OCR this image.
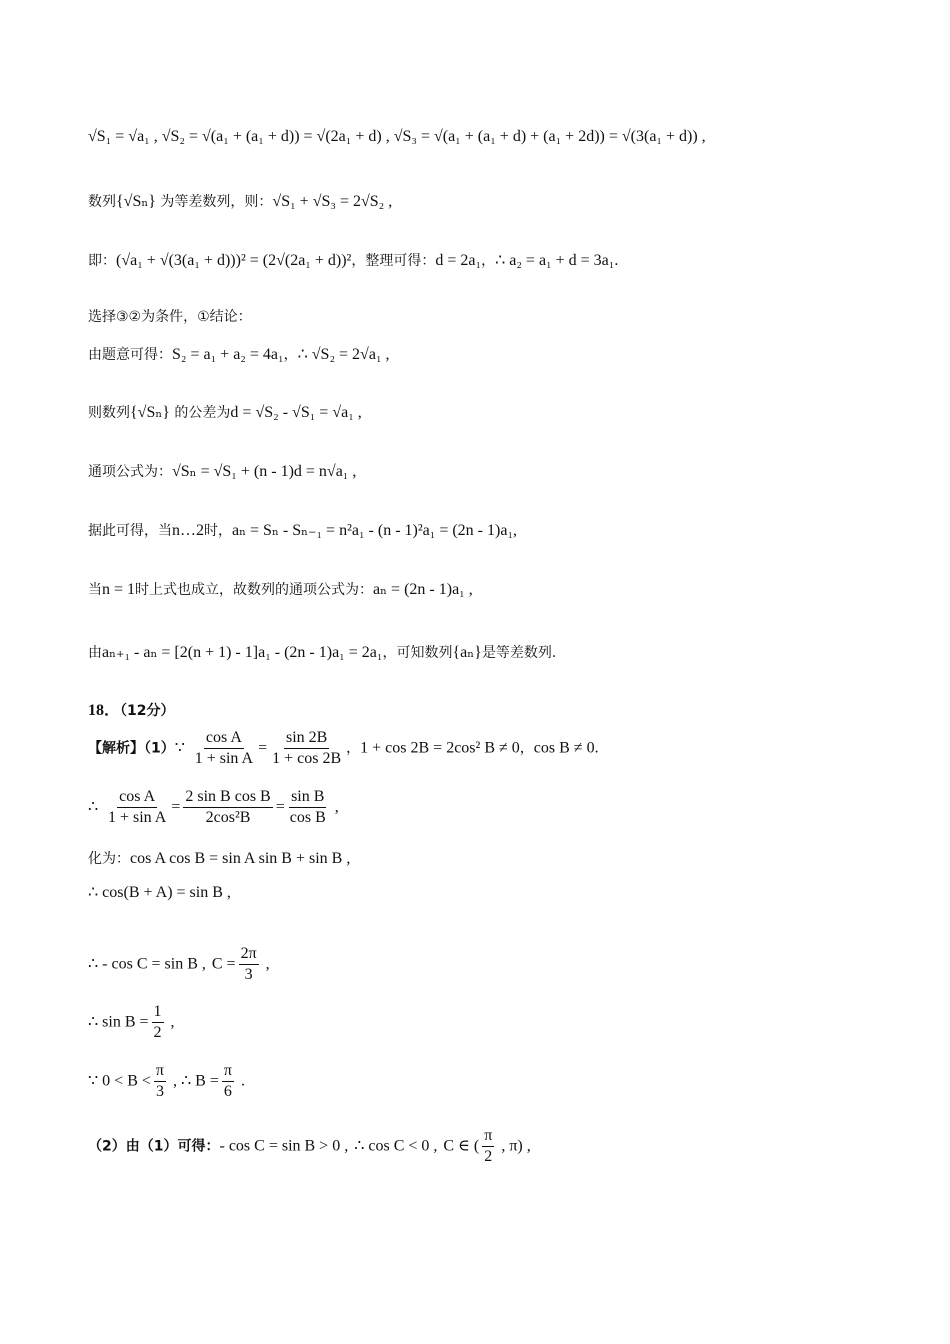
√S₁ = √a₁ , √S₂ = √(a₁ + (a₁ + d)) = √(2a₁ + d) , √S₃ = √(a₁ + (a₁ + d) + (a₁ + 2d)) = √(3(a₁ + d)) ,
数列{√Sₙ} 为等差数列，则：√S₁ + √S₃ = 2√S₂ ,
即：(√a₁ + √(3(a₁ + d)))² = (2√(2a₁ + d))²，整理可得：d = 2a₁，∴ a₂ = a₁ + d = 3a₁.
选择③②为条件，①结论：
由题意可得：S₂ = a₁ + a₂ = 4a₁，∴ √S₂ = 2√a₁ ,
则数列{√Sₙ} 的公差为d = √S₂ - √S₁ = √a₁ ,
通项公式为：√Sₙ = √S₁ + (n - 1)d = n√a₁ ,
据此可得，当n…2时，aₙ = Sₙ - Sₙ₋₁ = n²a₁ - (n - 1)²a₁ = (2n - 1)a₁,
当n = 1时上式也成立，故数列的通项公式为：aₙ = (2n - 1)a₁ ,
由aₙ₊₁ - aₙ = [2(n + 1) - 1]a₁ - (2n - 1)a₁ = 2a₁，可知数列{aₙ}是等差数列.
18．（12分）
【解析】（1）∵ $\frac{\text{cos A}}{\text{1 + sin A}} = \frac{\sin 2B}{1 + \cos 2B}$ ，1 + cos 2B = 2cos² B ≠ 0，cos B ≠ 0.
∴ $\frac{\text{cos A}}{\text{1 + sin A}} = \frac{\text{2 sin B cos B}}{\text{2cos²B}} = \frac{\text{sin B}}{\text{cos B}}$ ,
化为：cos A cos B = sin A sin B + sin B ,
∴ cos(B + A) = sin B ,
∴ - cos C = sin B , $C = \frac{2\pi}{3}$ ,
∴ $\sin B = \frac{1}{2}$ ,
∵ $0 < B < \frac{\pi}{3}$ , ∴ $B = \frac{\pi}{6}$ .
（2）由（1）可得：- cos C = sin B > 0 , ∴ cos C < 0 , C ∈ ( $\frac{\pi}{2}$ , π) ,
